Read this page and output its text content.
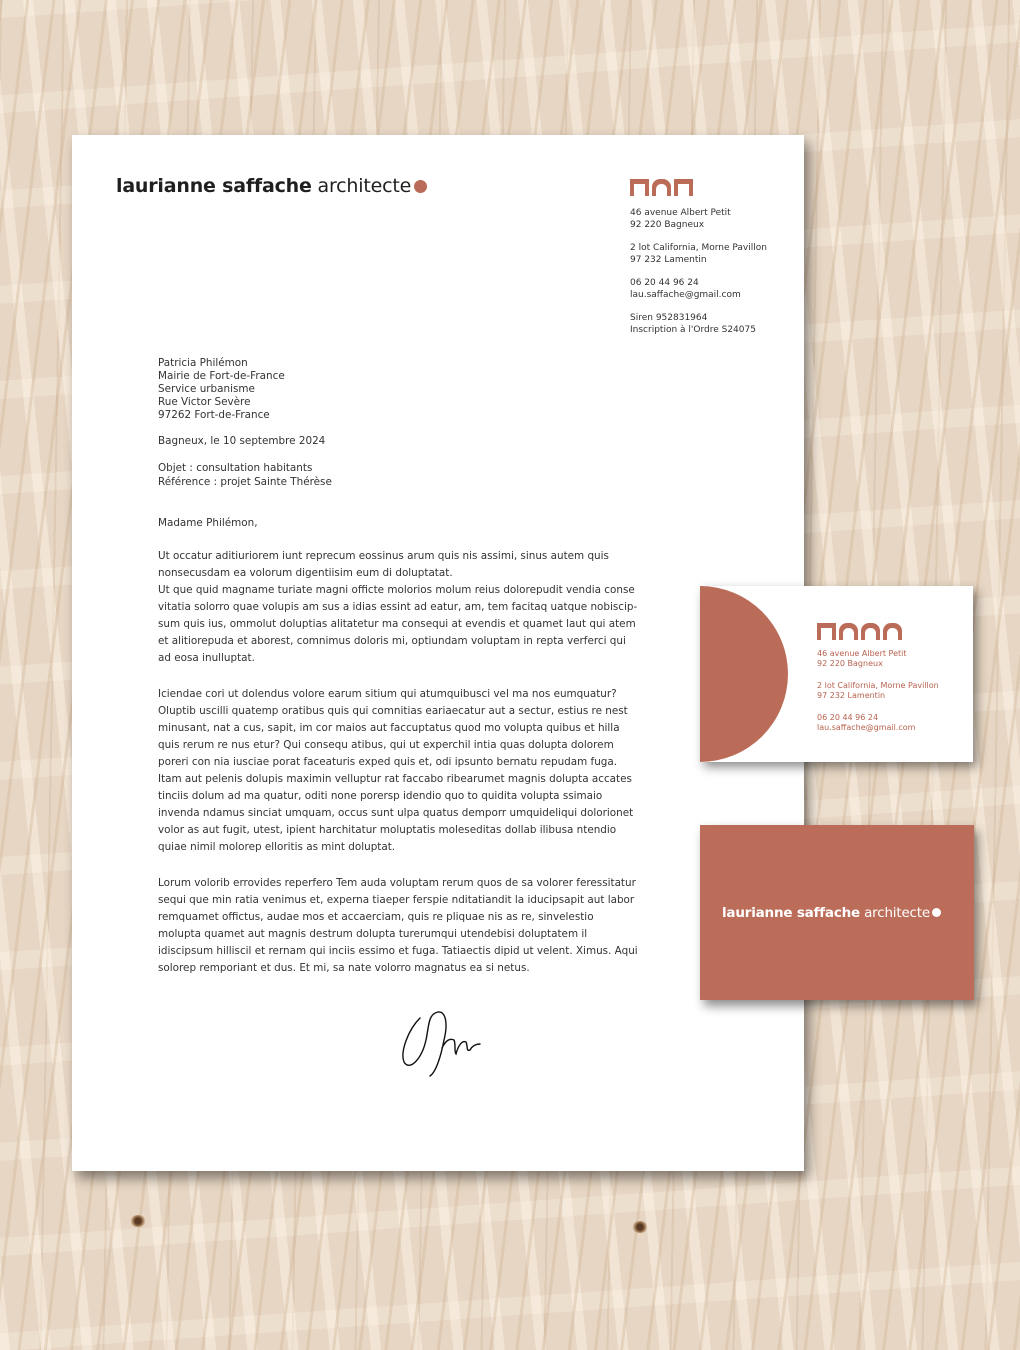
laurianne saffache architecte
46 avenue Albert Petit
92 220 Bagneux
2 lot California, Morne Pavillon
97 232 Lamentin
06 20 44 96 24
lau.saffache@gmail.com
Siren 952831964
Inscription à l'Ordre S24075
Patricia Philémon
Mairie de Fort-de-France
Service urbanisme
Rue Victor Sevère
97262 Fort-de-France
Bagneux, le 10 septembre 2024
Objet : consultation habitants
Référence : projet Sainte Thérèse
Madame Philémon,

Ut occatur aditiuriorem iunt reprecum eossinus arum quis nis assimi, sinus autem quis nonsecusdam ea volorum digentiisim eum di doluptatat.

Ut que quid magname turiate magni officte molorios molum reius dolorepudit vendia conse vitatia solorro quae volupis am sus a idias essint ad eatur, am, tem facitaq uatque nobiscipsum quis ius, ommolut doluptias alitatetur ma consequi at evendis et quamet laut qui atem et alitiorepuda et aborest, comnimus doloris mi, optiundam voluptam in repta verferci qui ad eosa inulluptat.

Iciendae cori ut dolendus volore earum sitium qui atumquibusci vel ma nos eumquatur? Oluptib uscilli quatemp oratibus quis qui comnitias eariaecatur aut a sectur, estius re nest minusant, nat a cus, sapit, im cor maios aut faccuptatus quod mo volupta quibus et hilla quis rerum re nus etur? Qui consequ atibus, qui ut experchil intia quas dolupta dolorem poreri con nia iusciae porat faceaturis exped quis et, odi ipsunto bernatu repudam fuga. Itam aut pelenis dolupis maximin velluptur rat faccabo ribearumet magnis dolupta accates tinciis dolum ad ma quatur, oditi none porersp idendio quo to quidita volupta ssimaio invenda ndamus sinciat umquam, occus sunt ulpa quatus demporr umquideliqui dolorionet volor as aut fugit, utest, ipient harchitatur moluptatis moleseditas dollab ilibusa ntendio quiae nimil molorep elloritis as mint doluptat.

Lorum volorib errovides reperfero Tem auda voluptam rerum quos de sa volorer feressitatur sequi que min ratia venimus et, experna tiaeper ferspie nditatiandit la iducipsapit aut labor remquamet offictus, audae mos et accaerciam, quis re pliquae nis as re, sinvelestio molupta quamet aut magnis destrum dolupta turerumqui utendebisi doluptatem il idiscipsum hilliscil et rernam qui inciis essimo et fuga. Tatiaectis dipid ut velent. Ximus. Aqui solorep remporiant et dus. Et mi, sa nate volorro magnatus ea si netus.

46 avenue Albert Petit
92 220 Bagneux
2 lot California, Morne Pavillon
97 232 Lamentin
06 20 44 96 24
lau.saffache@gmail.com
laurianne saffache architecte
